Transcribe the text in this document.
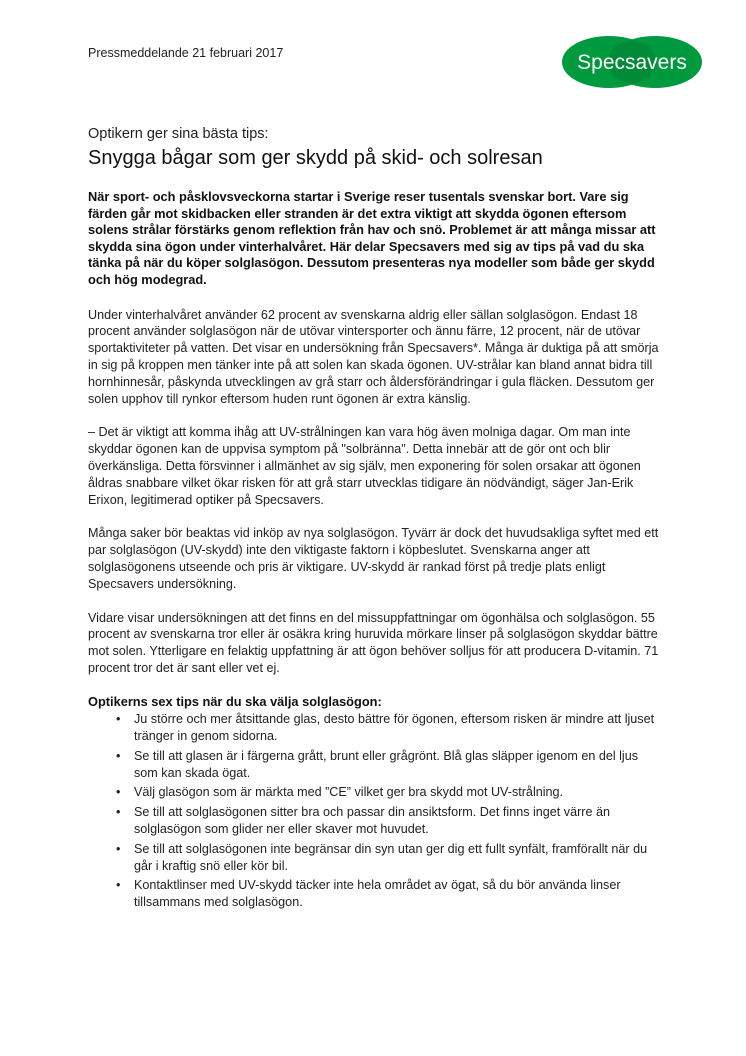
Pressmeddelande 21 februari 2017	Specsavers

Optikern ger sina bästa tips:

Snygga bågar som ger skydd på skid- och solresan

När sport- och påsklovsveckorna startar i Sverige reser tusentals svenskar bort. Vare sig färden går mot skidbacken eller stranden är det extra viktigt att skydda ögonen eftersom solens strålar förstärks genom reflektion från hav och snö. Problemet är att många missar att skydda sina ögon under vinterhalvåret. Här delar Specsavers med sig av tips på vad du ska tänka på när du köper solglasögon. Dessutom presenteras nya modeller som både ger skydd och hög modegrad.

Under vinterhalvåret använder 62 procent av svenskarna aldrig eller sällan solglasögon. Endast 18 procent använder solglasögon när de utövar vintersporter och ännu färre, 12 procent, när de utövar sportaktiviteter på vatten. Det visar en undersökning från Specsavers*. Många är duktiga på att smörja in sig på kroppen men tänker inte på att solen kan skada ögonen. UV-strålar kan bland annat bidra till hornhinnesår, påskynda utvecklingen av grå starr och åldersförändringar i gula fläcken. Dessutom ger solen upphov till rynkor eftersom huden runt ögonen är extra känslig.

– Det är viktigt att komma ihåg att UV-strålningen kan vara hög även molniga dagar. Om man inte skyddar ögonen kan de uppvisa symptom på "solbränna". Detta innebär att de gör ont och blir överkänsliga. Detta försvinner i allmänhet av sig själv, men exponering för solen orsakar att ögonen åldras snabbare vilket ökar risken för att grå starr utvecklas tidigare än nödvändigt, säger Jan-Erik Erixon, legitimerad optiker på Specsavers.

Många saker bör beaktas vid inköp av nya solglasögon. Tyvärr är dock det huvudsakliga syftet med ett par solglasögon (UV-skydd) inte den viktigaste faktorn i köpbeslutet. Svenskarna anger att solglasögonens utseende och pris är viktigare. UV-skydd är rankad först på tredje plats enligt Specsavers undersökning.

Vidare visar undersökningen att det finns en del missuppfattningar om ögonhälsa och solglasögon. 55 procent av svenskarna tror eller är osäkra kring huruvida mörkare linser på solglasögon skyddar bättre mot solen. Ytterligare en felaktig uppfattning är att ögon behöver solljus för att producera D-vitamin. 71 procent tror det är sant eller vet ej.

Optikerns sex tips när du ska välja solglasögon:

• Ju större och mer åtsittande glas, desto bättre för ögonen, eftersom risken är mindre att ljuset tränger in genom sidorna.
• Se till att glasen är i färgerna grått, brunt eller grågrönt. Blå glas släpper igenom en del ljus som kan skada ögat.
• Välj glasögon som är märkta med ”CE” vilket ger bra skydd mot UV-strålning.
• Se till att solglasögonen sitter bra och passar din ansiktsform. Det finns inget värre än solglasögon som glider ner eller skaver mot huvudet.
• Se till att solglasögonen inte begränsar din syn utan ger dig ett fullt synfält, framförallt när du går i kraftig snö eller kör bil.
• Kontaktlinser med UV-skydd täcker inte hela området av ögat, så du bör använda linser tillsammans med solglasögon.
